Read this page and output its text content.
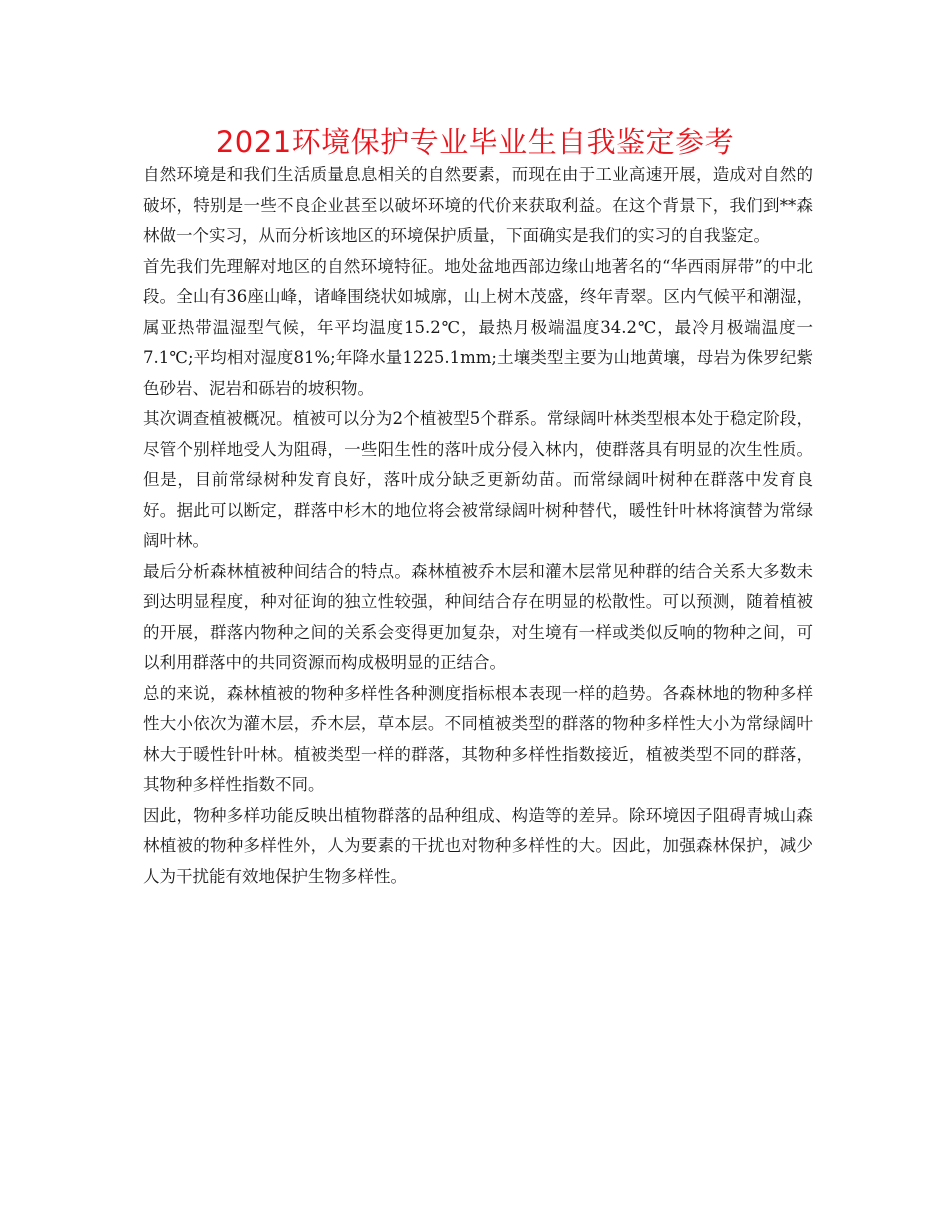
2021环境保护专业毕业生自我鉴定参考

自然环境是和我们生活质量息息相关的自然要素，而现在由于工业高速开展，造成对自然的破坏，特别是一些不良企业甚至以破坏环境的代价来获取利益。在这个背景下，我们到**森林做一个实习，从而分析该地区的环境保护质量，下面确实是我们的实习的自我鉴定。

首先我们先理解对地区的自然环境特征。地处盆地西部边缘山地著名的“华西雨屏带”的中北段。全山有36座山峰，诸峰围绕状如城廓，山上树木茂盛，终年青翠。区内气候平和潮湿，属亚热带温湿型气候，年平均温度15.2℃，最热月极端温度34.2℃，最冷月极端温度一7.1℃;平均相对湿度81%;年降水量1225.1mm;土壤类型主要为山地黄壤，母岩为侏罗纪紫色砂岩、泥岩和砾岩的坡积物。

其次调查植被概况。植被可以分为2个植被型5个群系。常绿阔叶林类型根本处于稳定阶段，尽管个别样地受人为阻碍，一些阳生性的落叶成分侵入林内，使群落具有明显的次生性质。但是，目前常绿树种发育良好，落叶成分缺乏更新幼苗。而常绿阔叶树种在群落中发育良好。据此可以断定，群落中杉木的地位将会被常绿阔叶树种替代，暖性针叶林将演替为常绿阔叶林。

最后分析森林植被种间结合的特点。森林植被乔木层和灌木层常见种群的结合关系大多数未到达明显程度，种对征询的独立性较强，种间结合存在明显的松散性。可以预测，随着植被的开展，群落内物种之间的关系会变得更加复杂，对生境有一样或类似反响的物种之间，可以利用群落中的共同资源而构成极明显的正结合。

总的来说，森林植被的物种多样性各种测度指标根本表现一样的趋势。各森林地的物种多样性大小依次为灌木层，乔木层，草本层。不同植被类型的群落的物种多样性大小为常绿阔叶林大于暖性针叶林。植被类型一样的群落，其物种多样性指数接近，植被类型不同的群落，其物种多样性指数不同。

因此，物种多样功能反映出植物群落的品种组成、构造等的差异。除环境因子阻碍青城山森林植被的物种多样性外，人为要素的干扰也对物种多样性的大。因此，加强森林保护，减少人为干扰能有效地保护生物多样性。
